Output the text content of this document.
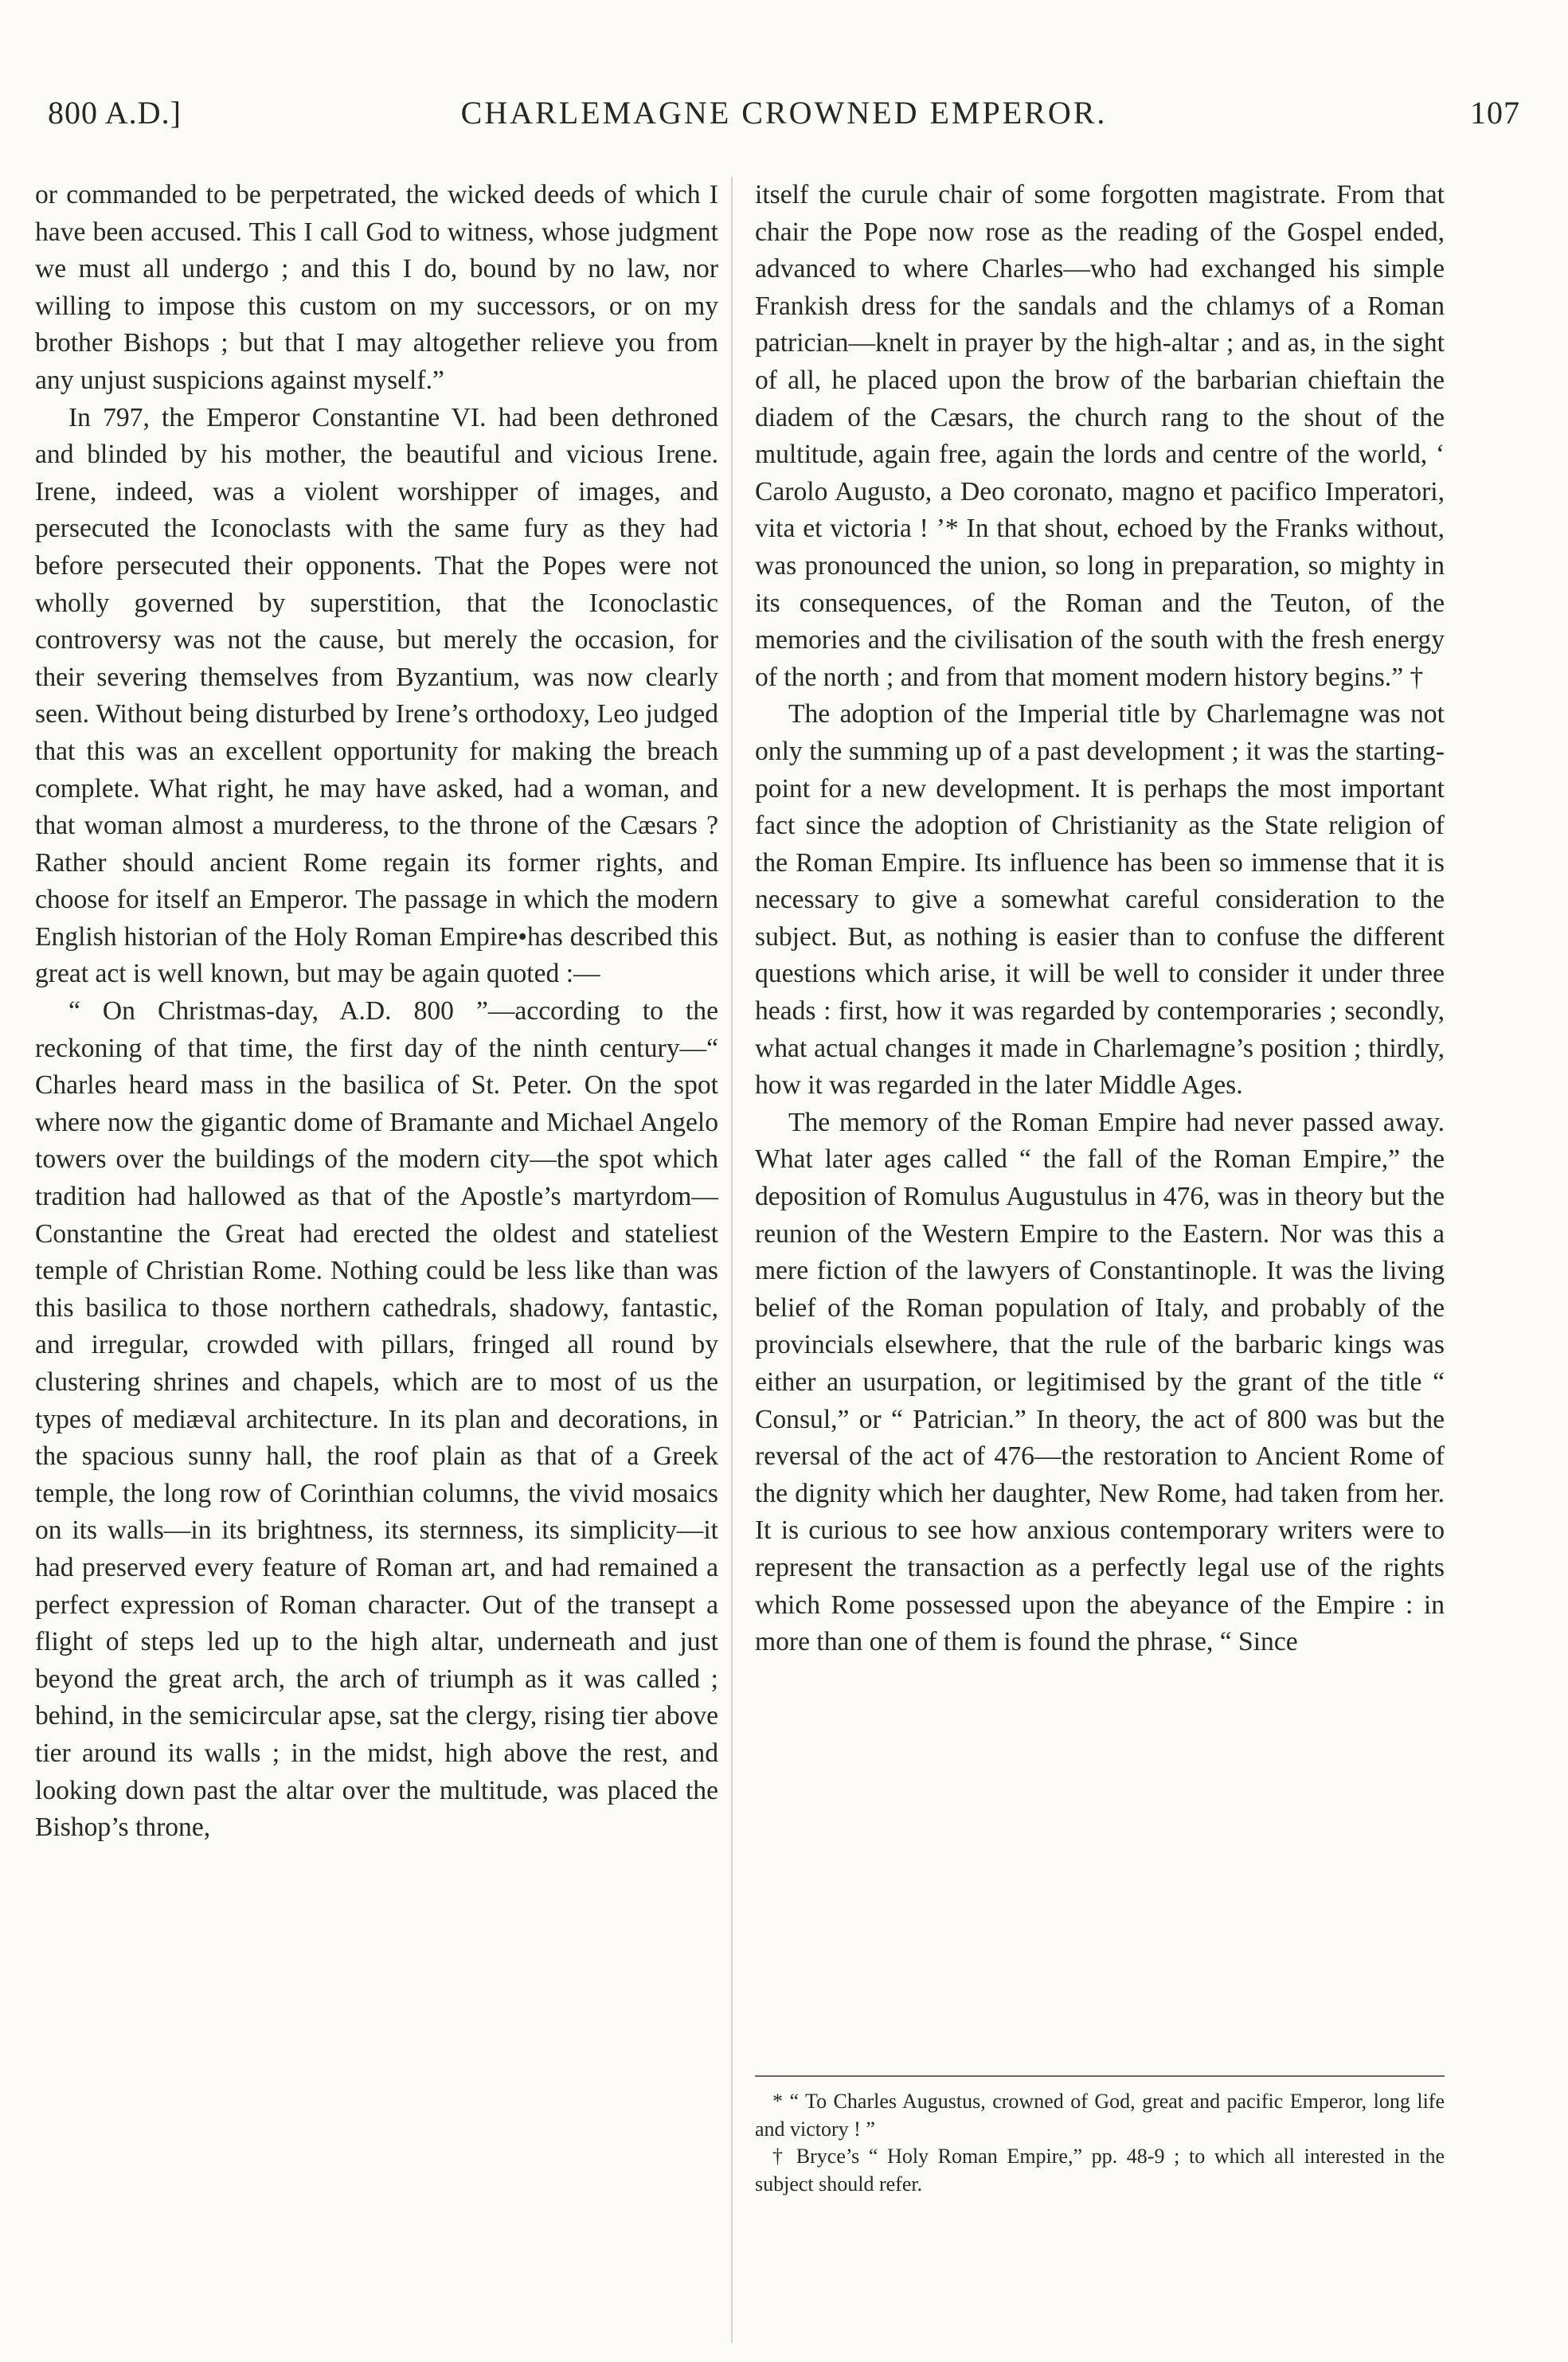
800 A.D.]	CHARLEMAGNE CROWNED EMPEROR.	107

or commanded to be perpetrated, the wicked deeds of which I have been accused. This I call God to witness, whose judgment we must all undergo ; and this I do, bound by no law, nor willing to impose this custom on my successors, or on my brother Bishops ; but that I may altogether relieve you from any unjust suspicions against myself.”

In 797, the Emperor Constantine VI. had been dethroned and blinded by his mother, the beautiful and vicious Irene. Irene, indeed, was a violent worshipper of images, and persecuted the Iconoclasts with the same fury as they had before persecuted their opponents. That the Popes were not wholly governed by superstition, that the Iconoclastic controversy was not the cause, but merely the occasion, for their severing themselves from Byzantium, was now clearly seen. Without being disturbed by Irene’s orthodoxy, Leo judged that this was an excellent opportunity for making the breach complete. What right, he may have asked, had a woman, and that woman almost a murderess, to the throne of the Cæsars ? Rather should ancient Rome regain its former rights, and choose for itself an Emperor. The passage in which the modern English historian of the Holy Roman Empire•has described this great act is well known, but may be again quoted :—

“ On Christmas-day, A.D. 800 ”—according to the reckoning of that time, the first day of the ninth century—“ Charles heard mass in the basilica of St. Peter. On the spot where now the gigantic dome of Bramante and Michael Angelo towers over the buildings of the modern city—the spot which tradition had hallowed as that of the Apostle’s martyrdom—Constantine the Great had erected the oldest and stateliest temple of Christian Rome. Nothing could be less like than was this basilica to those northern cathedrals, shadowy, fantastic, and irregular, crowded with pillars, fringed all round by clustering shrines and chapels, which are to most of us the types of mediæval architecture. In its plan and decorations, in the spacious sunny hall, the roof plain as that of a Greek temple, the long row of Corinthian columns, the vivid mosaics on its walls—in its brightness, its sternness, its simplicity—it had preserved every feature of Roman art, and had remained a perfect expression of Roman character. Out of the transept a flight of steps led up to the high altar, underneath and just beyond the great arch, the arch of triumph as it was called ; behind, in the semicircular apse, sat the clergy, rising tier above tier around its walls ; in the midst, high above the rest, and looking down past the altar over the multitude, was placed the Bishop’s throne,

itself the curule chair of some forgotten magistrate. From that chair the Pope now rose as the reading of the Gospel ended, advanced to where Charles—who had exchanged his simple Frankish dress for the sandals and the chlamys of a Roman patrician—knelt in prayer by the high-altar ; and as, in the sight of all, he placed upon the brow of the barbarian chieftain the diadem of the Cæsars, the church rang to the shout of the multitude, again free, again the lords and centre of the world, ‘ Carolo Augusto, a Deo coronato, magno et pacifico Imperatori, vita et victoria ! ’* In that shout, echoed by the Franks without, was pronounced the union, so long in preparation, so mighty in its consequences, of the Roman and the Teuton, of the memories and the civilisation of the south with the fresh energy of the north ; and from that moment modern history begins.” †

The adoption of the Imperial title by Charlemagne was not only the summing up of a past development ; it was the starting-point for a new development. It is perhaps the most important fact since the adoption of Christianity as the State religion of the Roman Empire. Its influence has been so immense that it is necessary to give a somewhat careful consideration to the subject. But, as nothing is easier than to confuse the different questions which arise, it will be well to consider it under three heads : first, how it was regarded by contemporaries ; secondly, what actual changes it made in Charlemagne’s position ; thirdly, how it was regarded in the later Middle Ages.

The memory of the Roman Empire had never passed away. What later ages called “ the fall of the Roman Empire,” the deposition of Romulus Augustulus in 476, was in theory but the reunion of the Western Empire to the Eastern. Nor was this a mere fiction of the lawyers of Constantinople. It was the living belief of the Roman population of Italy, and probably of the provincials elsewhere, that the rule of the barbaric kings was either an usurpation, or legitimised by the grant of the title “ Consul,” or “ Patrician.” In theory, the act of 800 was but the reversal of the act of 476—the restoration to Ancient Rome of the dignity which her daughter, New Rome, had taken from her. It is curious to see how anxious contemporary writers were to represent the transaction as a perfectly legal use of the rights which Rome possessed upon the abeyance of the Empire : in more than one of them is found the phrase, “ Since

* “ To Charles Augustus, crowned of God, great and pacific Emperor, long life and victory ! ”

† Bryce’s “ Holy Roman Empire,” pp. 48-9 ; to which all interested in the subject should refer.
